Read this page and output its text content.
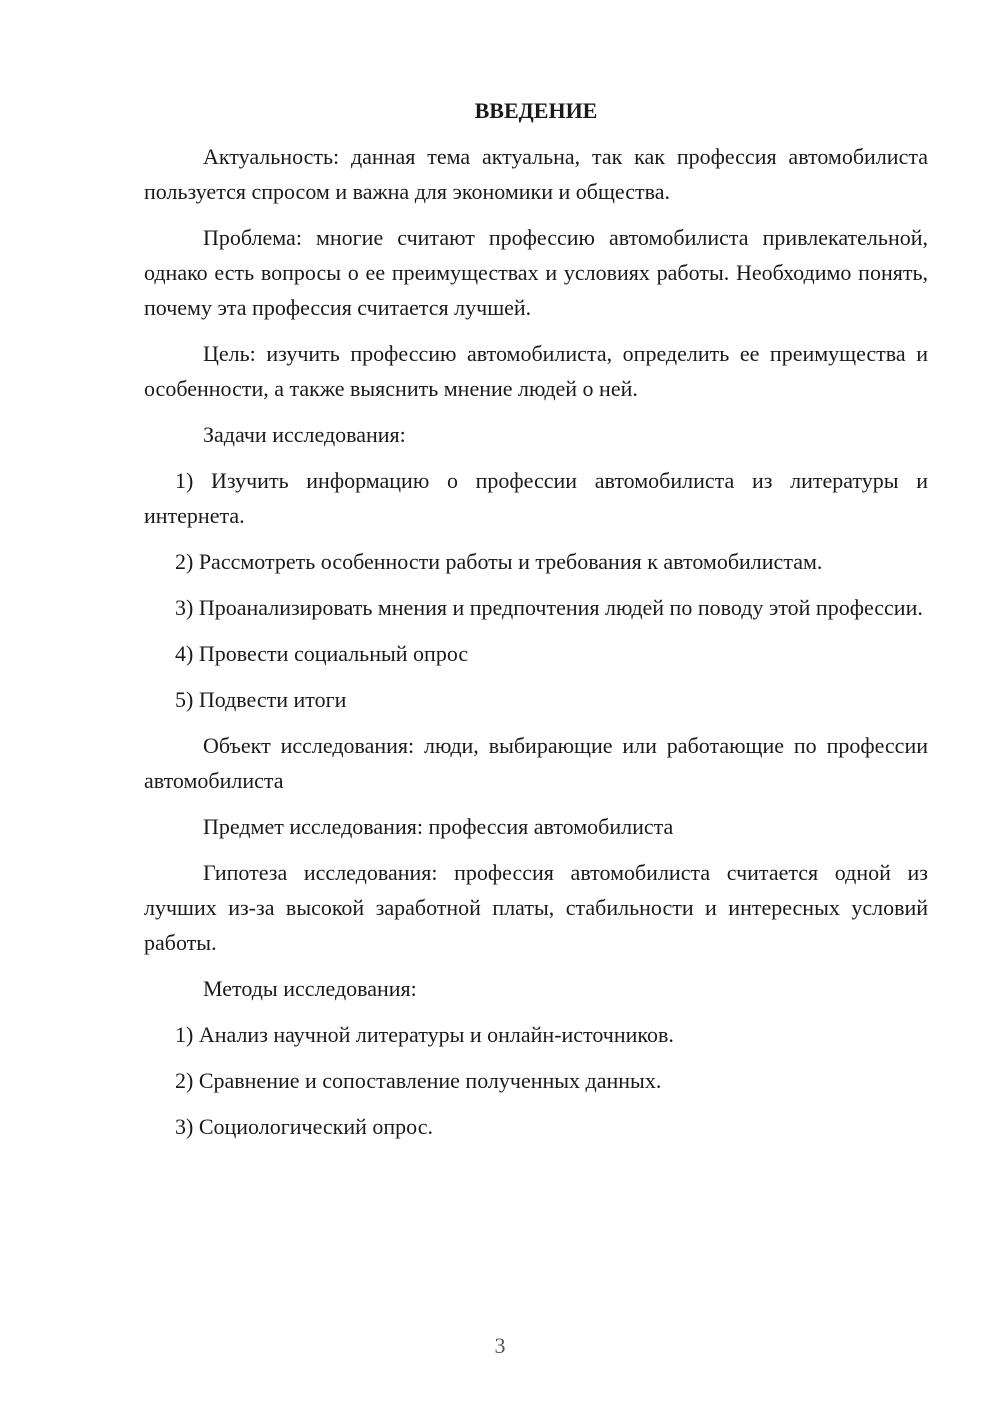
ВВЕДЕНИЕ

Актуальность: данная тема актуальна, так как профессия автомобилиста пользуется спросом и важна для экономики и общества.

Проблема: многие считают профессию автомобилиста привлекательной, однако есть вопросы о ее преимуществах и условиях работы. Необходимо понять, почему эта профессия считается лучшей.

Цель: изучить профессию автомобилиста, определить ее преимущества и особенности, а также выяснить мнение людей о ней.

Задачи исследования:

1) Изучить информацию о профессии автомобилиста из литературы и интернета.

2) Рассмотреть особенности работы и требования к автомобилистам.

3) Проанализировать мнения и предпочтения людей по поводу этой профессии.

4) Провести социальный опрос

5) Подвести итоги

Объект исследования: люди, выбирающие или работающие по профессии автомобилиста

Предмет исследования: профессия автомобилиста

Гипотеза исследования: профессия автомобилиста считается одной из лучших из-за высокой заработной платы, стабильности и интересных условий работы.

Методы исследования:

1) Анализ научной литературы и онлайн-источников.

2) Сравнение и сопоставление полученных данных.

3) Социологический опрос.

3
